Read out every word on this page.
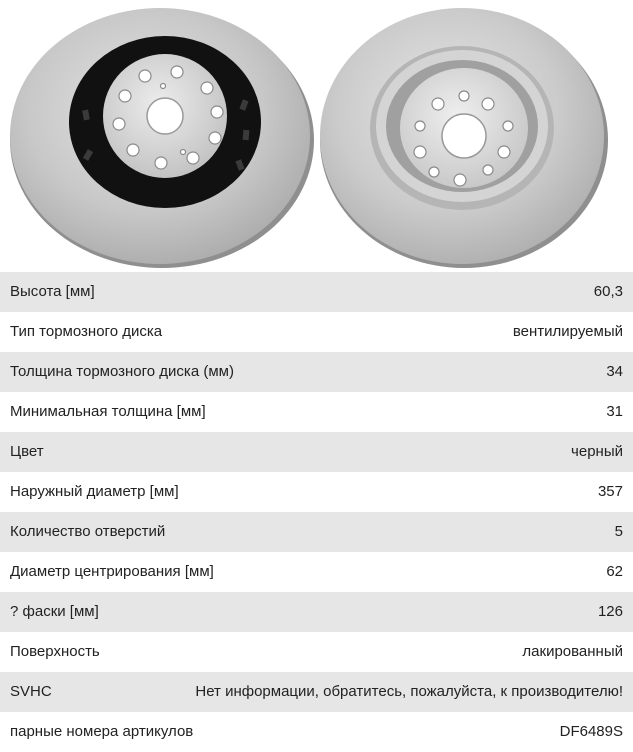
Высота [мм]	60,3
Тип тормозного диска	вентилируемый
Толщина тормозного диска (мм)	34
Минимальная толщина [мм]	31
Цвет	черный
Наружный диаметр [мм]	357
Количество отверстий	5
Диаметр центрирования [мм]	62
? фаски [мм]	126
Поверхность	лакированный
SVHC	Нет информации, обратитесь, пожалуйста, к производителю!
парные номера артикулов	DF6489S
